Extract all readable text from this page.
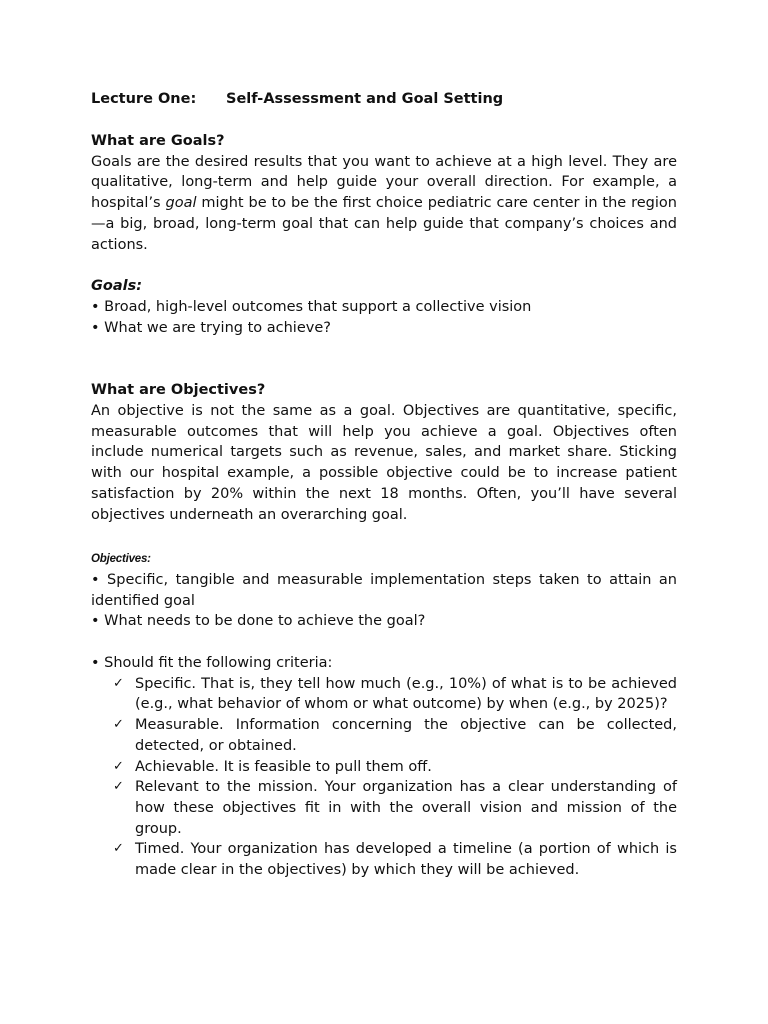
Lecture One: Self-Assessment and Goal Setting

What are Goals?

Goals are the desired results that you want to achieve at a high level. They are qualitative, long-term and help guide your overall direction. For example, a hospital’s goal might be to be the first choice pediatric care center in the region —a big, broad, long-term goal that can help guide that company’s choices and actions.

Goals:

• Broad, high-level outcomes that support a collective vision

• What we are trying to achieve?

What are Objectives?

An objective is not the same as a goal. Objectives are quantitative, specific, measurable outcomes that will help you achieve a goal. Objectives often include numerical targets such as revenue, sales, and market share. Sticking with our hospital example, a possible objective could be to increase patient satisfaction by 20% within the next 18 months. Often, you’ll have several objectives underneath an overarching goal.

Objectives:

• Specific, tangible and measurable implementation steps taken to attain an identified goal

• What needs to be done to achieve the goal?

• Should fit the following criteria:

✓ Specific. That is, they tell how much (e.g., 10%) of what is to be achieved (e.g., what behavior of whom or what outcome) by when (e.g., by 2025)?
✓ Measurable. Information concerning the objective can be collected, detected, or obtained.
✓ Achievable. It is feasible to pull them off.
✓ Relevant to the mission. Your organization has a clear understanding of how these objectives fit in with the overall vision and mission of the group.
✓ Timed. Your organization has developed a timeline (a portion of which is made clear in the objectives) by which they will be achieved.
